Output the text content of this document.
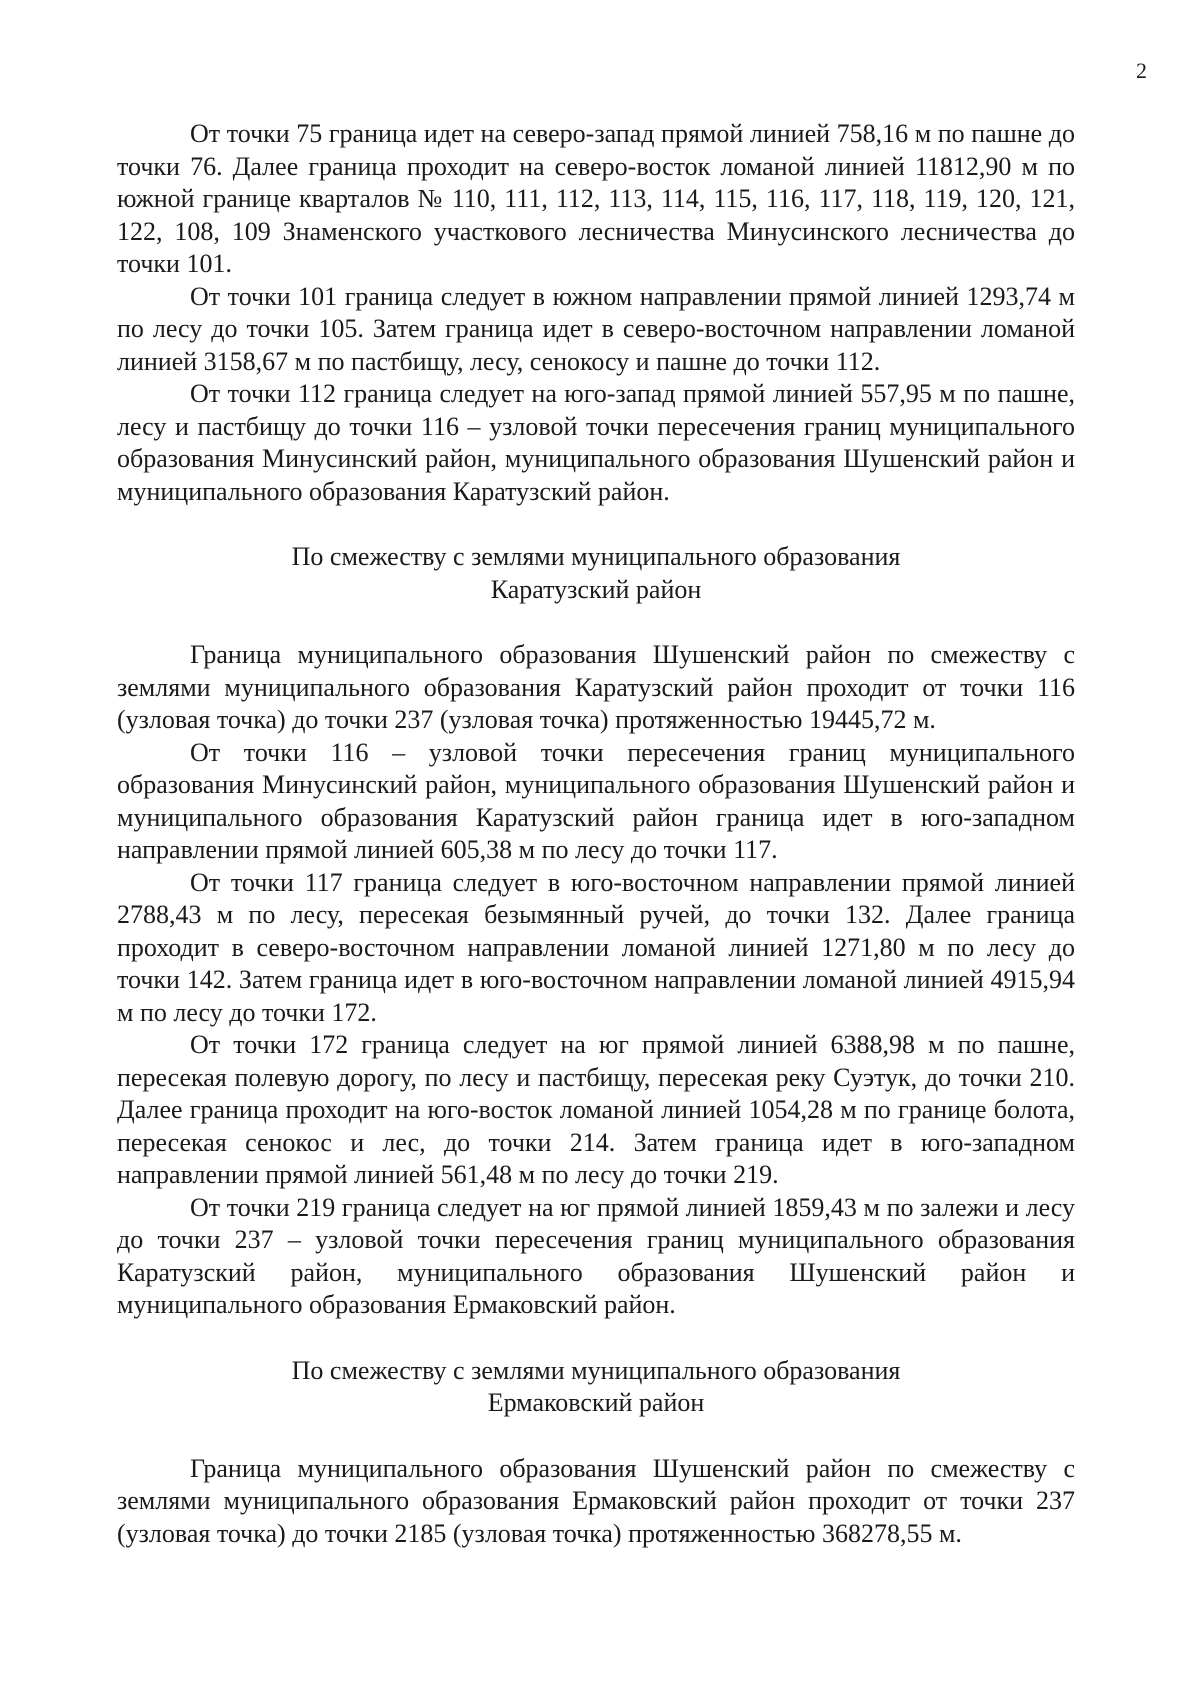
2

От точки 75 граница идет на северо-запад прямой линией 758,16 м по пашне до точки 76. Далее граница проходит на северо-восток ломаной линией 11812,90 м по южной границе кварталов № 110, 111, 112, 113, 114, 115, 116, 117, 118, 119, 120, 121, 122, 108, 109 Знаменского участкового лесничества Минусинского лесничества до точки 101.

От точки 101 граница следует в южном направлении прямой линией 1293,74 м по лесу до точки 105. Затем граница идет в северо-восточном направлении ломаной линией 3158,67 м по пастбищу, лесу, сенокосу и пашне до точки 112.

От точки 112 граница следует на юго-запад прямой линией 557,95 м по пашне, лесу и пастбищу до точки 116 – узловой точки пересечения границ муниципального образования Минусинский район, муниципального образования Шушенский район и муниципального образования Каратузский район.

По смежеству с землями муниципального образования
Каратузский район

Граница муниципального образования Шушенский район по смежеству с землями муниципального образования Каратузский район проходит от точки 116 (узловая точка) до точки 237 (узловая точка) протяженностью 19445,72 м.

От точки 116 – узловой точки пересечения границ муниципального образования Минусинский район, муниципального образования Шушенский район и муниципального образования Каратузский район граница идет в юго-западном направлении прямой линией 605,38 м по лесу до точки 117.

От точки 117 граница следует в юго-восточном направлении прямой линией 2788,43 м по лесу, пересекая безымянный ручей, до точки 132. Далее граница проходит в северо-восточном направлении ломаной линией 1271,80 м по лесу до точки 142. Затем граница идет в юго-восточном направлении ломаной линией 4915,94 м по лесу до точки 172.

От точки 172 граница следует на юг прямой линией 6388,98 м по пашне, пересекая полевую дорогу, по лесу и пастбищу, пересекая реку Суэтук, до точки 210. Далее граница проходит на юго-восток ломаной линией 1054,28 м по границе болота, пересекая сенокос и лес, до точки 214. Затем граница идет в юго-западном направлении прямой линией 561,48 м по лесу до точки 219.

От точки 219 граница следует на юг прямой линией 1859,43 м по залежи и лесу до точки 237 – узловой точки пересечения границ муниципального образования Каратузский район, муниципального образования Шушенский район и муниципального образования Ермаковский район.

По смежеству с землями муниципального образования
Ермаковский район

Граница муниципального образования Шушенский район по смежеству с землями муниципального образования Ермаковский район проходит от точки 237 (узловая точка) до точки 2185 (узловая точка) протяженностью 368278,55 м.
